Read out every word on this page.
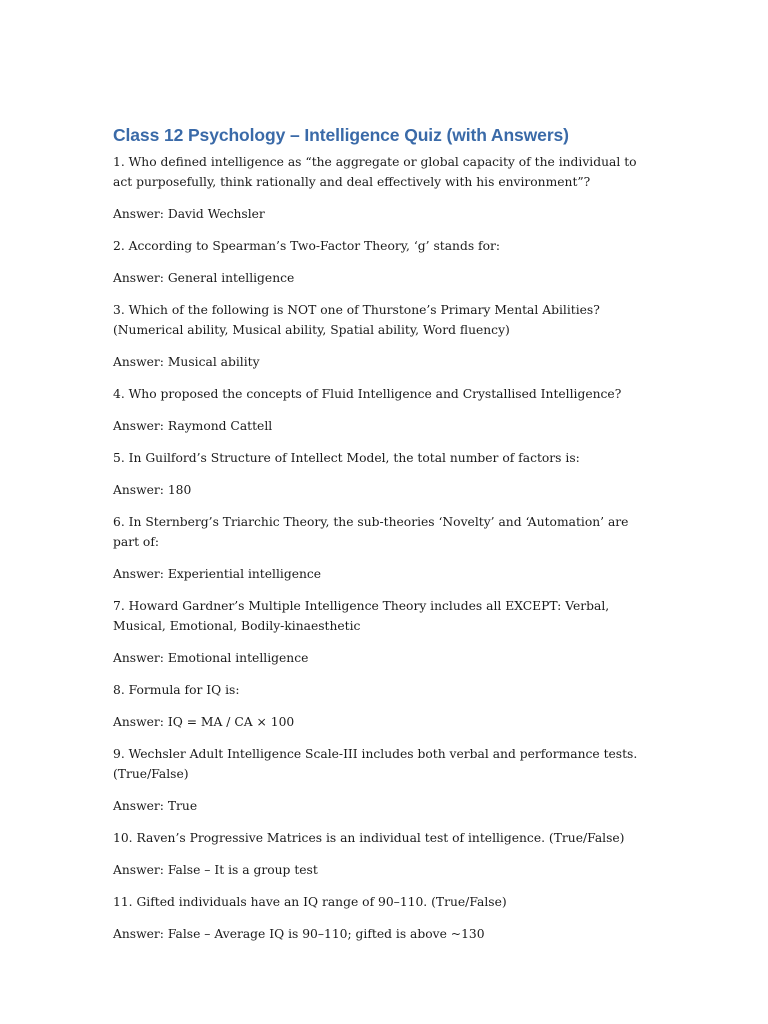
Class 12 Psychology – Intelligence Quiz (with Answers)

1. Who defined intelligence as “the aggregate or global capacity of the individual to act purposefully, think rationally and deal effectively with his environment”?

Answer: David Wechsler

2. According to Spearman’s Two-Factor Theory, ‘g’ stands for:

Answer: General intelligence

3. Which of the following is NOT one of Thurstone’s Primary Mental Abilities? (Numerical ability, Musical ability, Spatial ability, Word fluency)

Answer: Musical ability

4. Who proposed the concepts of Fluid Intelligence and Crystallised Intelligence?

Answer: Raymond Cattell

5. In Guilford’s Structure of Intellect Model, the total number of factors is:

Answer: 180

6. In Sternberg’s Triarchic Theory, the sub-theories ‘Novelty’ and ‘Automation’ are part of:

Answer: Experiential intelligence

7. Howard Gardner’s Multiple Intelligence Theory includes all EXCEPT: Verbal, Musical, Emotional, Bodily-kinaesthetic

Answer: Emotional intelligence

8. Formula for IQ is:

Answer: IQ = MA / CA × 100

9. Wechsler Adult Intelligence Scale-III includes both verbal and performance tests. (True/False)

Answer: True

10. Raven’s Progressive Matrices is an individual test of intelligence. (True/False)

Answer: False – It is a group test

11. Gifted individuals have an IQ range of 90–110. (True/False)

Answer: False – Average IQ is 90–110; gifted is above ~130
